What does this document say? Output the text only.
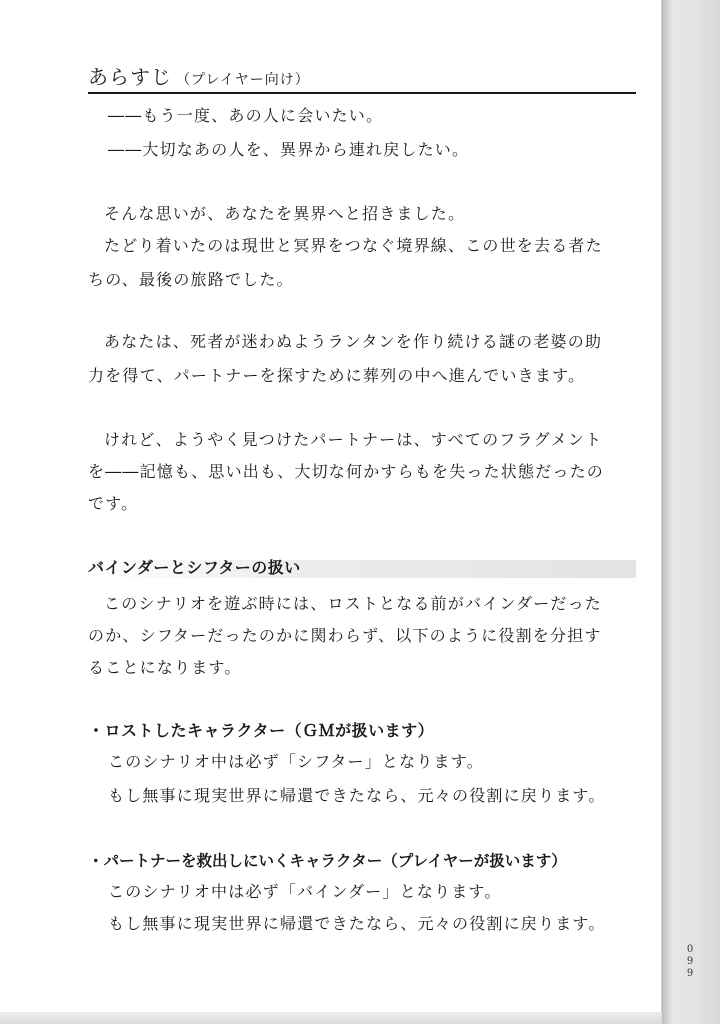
あらすじ （プレイヤー向け）
――もう一度、あの人に会いたい。
――大切なあの人を、異界から連れ戻したい。
そんな思いが、あなたを異界へと招きました。
たどり着いたのは現世と冥界をつなぐ境界線、この世を去る者た
ちの、最後の旅路でした。
あなたは、死者が迷わぬようランタンを作り続ける謎の老婆の助
力を得て、パートナーを探すために葬列の中へ進んでいきます。
けれど、ようやく見つけたパートナーは、すべてのフラグメント
を――記憶も、思い出も、大切な何かすらもを失った状態だったの
です。
バインダーとシフターの扱い
このシナリオを遊ぶ時には、ロストとなる前がバインダーだった
のか、シフターだったのかに関わらず、以下のように役割を分担す
ることになります。
・ロストしたキャラクター（ＧＭが扱います）
このシナリオ中は必ず「シフター」となります。
もし無事に現実世界に帰還できたなら、元々の役割に戻ります。
・パートナーを救出しにいくキャラクター（プレイヤーが扱います）
このシナリオ中は必ず「バインダー」となります。
もし無事に現実世界に帰還できたなら、元々の役割に戻ります。
0
9
9
